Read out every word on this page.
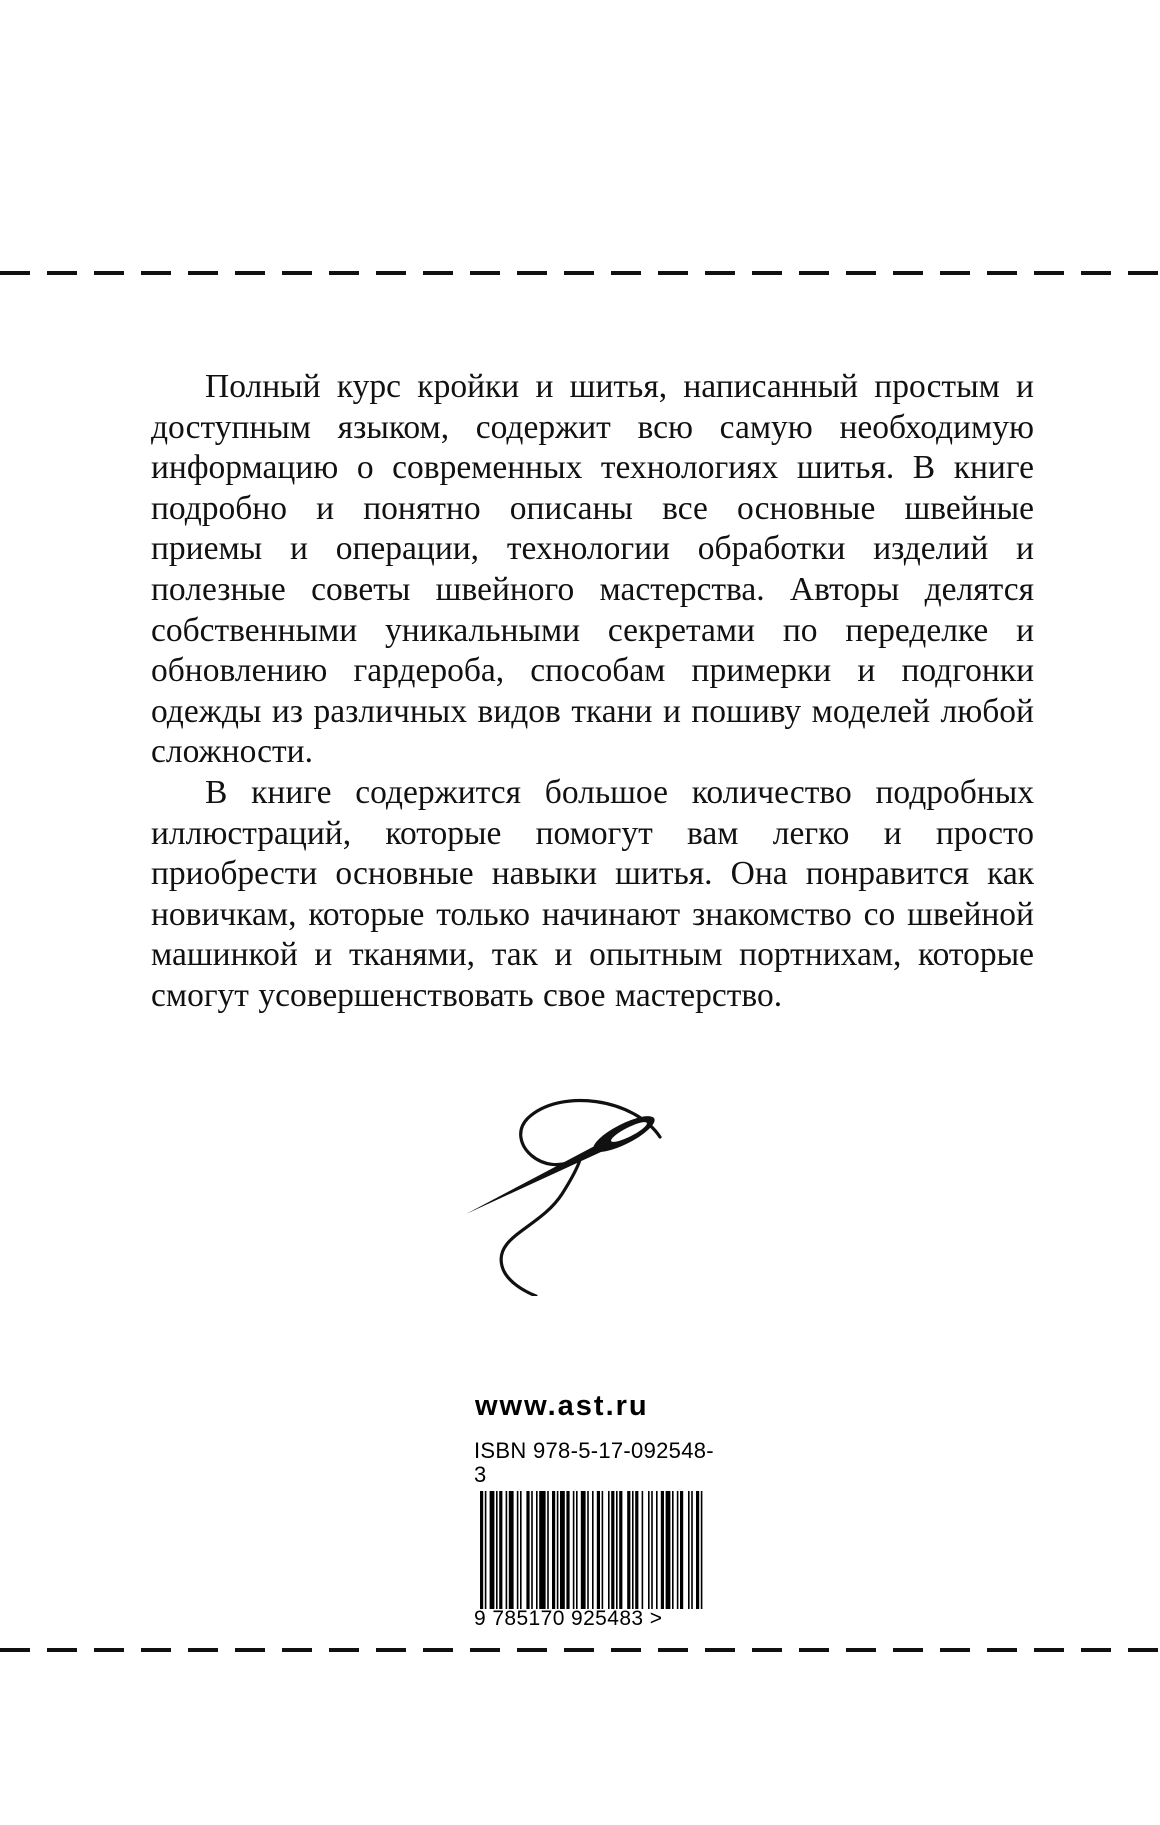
Полный курс кройки и шитья, написанный простым и доступным языком, содержит всю самую необходимую информацию о современных технологиях шитья. В книге подробно и понятно описаны все основные швейные приемы и операции, технологии обработки изделий и полезные советы швейного мастерства. Авторы делятся собственными уникальными секретами по переделке и обновлению гардероба, способам примерки и подгонки одежды из различных видов ткани и пошиву моделей любой сложности.

В книге содержится большое количество подробных иллюстраций, которые помогут вам легко и просто приобрести основные навыки шитья. Она понравится как новичкам, которые только начинают знакомство со швейной машинкой и тканями, так и опытным портнихам, которые смогут усовершенствовать свое мастерство.

www.ast.ru
ISBN 978-5-17-092548-3
9 785170 925483 >
